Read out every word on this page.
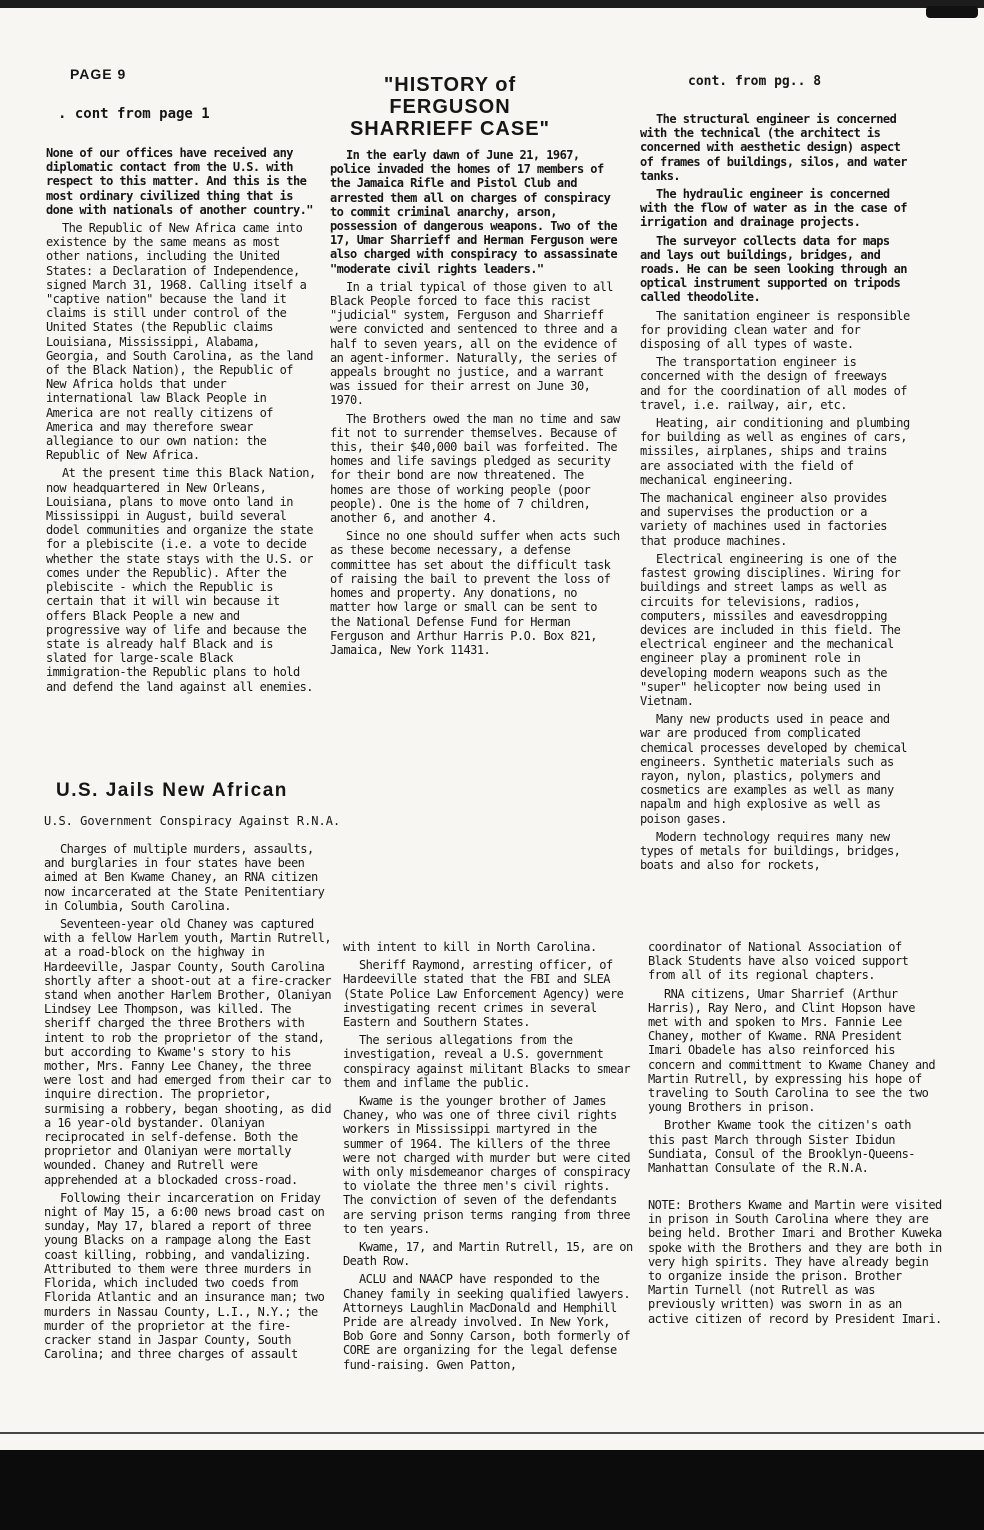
PAGE 9	"HISTORY of FERGUSON SHARRIEFF CASE"
cont. from pg.. 8
. cont from page 1

None of our offices have received any diplomatic contact from the U.S. with respect to this matter. And this is the most ordinary civilized thing that is done with nationals of another country."

The Republic of New Africa came into existence by the same means as most other nations, including the United States: a Declaration of Independence, signed March 31, 1968. Calling itself a "captive nation" because the land it claims is still under control of the United States (the Republic claims Louisiana, Mississippi, Alabama, Georgia, and South Carolina, as the land of the Black Nation), the Republic of New Africa holds that under international law Black People in America are not really citizens of America and may therefore swear allegiance to our own nation: the Republic of New Africa.

At the present time this Black Nation, now headquartered in New Orleans, Louisiana, plans to move onto land in Mississippi in August, build several dodel communities and organize the state for a plebiscite (i.e. a vote to decide whether the state stays with the U.S. or comes under the Republic). After the plebiscite - which the Republic is certain that it will win because it offers Black People a new and progressive way of life and because the state is already half Black and is slated for large-scale Black immigration-the Republic plans to hold and defend the land against all enemies.

In the early dawn of June 21, 1967, police invaded the homes of 17 members of the Jamaica Rifle and Pistol Club and arrested them all on charges of conspiracy to commit criminal anarchy, arson, possession of dangerous weapons. Two of the 17, Umar Sharrieff and Herman Ferguson were also charged with conspiracy to assassinate "moderate civil rights leaders."

In a trial typical of those given to all Black People forced to face this racist "judicial" system, Ferguson and Sharrieff were convicted and sentenced to three and a half to seven years, all on the evidence of an agent-informer. Naturally, the series of appeals brought no justice, and a warrant was issued for their arrest on June 30, 1970.

The Brothers owed the man no time and saw fit not to surrender themselves. Because of this, their $40,000 bail was forfeited. The homes and life savings pledged as security for their bond are now threatened. The homes are those of working people (poor people). One is the home of 7 children, another 6, and another 4.

Since no one should suffer when acts such as these become necessary, a defense committee has set about the difficult task of raising the bail to prevent the loss of homes and property. Any donations, no matter how large or small can be sent to the National Defense Fund for Herman Ferguson and Arthur Harris P.O. Box 821, Jamaica, New York 11431.

The structural engineer is concerned with the technical (the architect is concerned with aesthetic design) aspect of frames of buildings, silos, and water tanks.

The hydraulic engineer is concerned with the flow of water as in the case of irrigation and drainage projects.

The surveyor collects data for maps and lays out buildings, bridges, and roads. He can be seen looking through an optical instrument supported on tripods called theodolite.

The sanitation engineer is responsible for providing clean water and for disposing of all types of waste.

The transportation engineer is concerned with the design of freeways and for the coordination of all modes of travel, i.e. railway, air, etc.

Heating, air conditioning and plumbing for building as well as engines of cars, missiles, airplanes, ships and trains are associated with the field of mechanical engineering.

The machanical engineer also provides and supervises the production or a variety of machines used in factories that produce machines.

Electrical engineering is one of the fastest growing disciplines. Wiring for buildings and street lamps as well as circuits for televisions, radios, computers, missiles and eavesdropping devices are included in this field. The electrical engineer and the mechanical engineer play a prominent role in developing modern weapons such as the "super" helicopter now being used in Vietnam.

Many new products used in peace and war are produced from complicated chemical processes developed by chemical engineers. Synthetic materials such as rayon, nylon, plastics, polymers and cosmetics are examples as well as many napalm and high explosive as well as poison gases.

Modern technology requires many new types of metals for buildings, bridges, boats and also for rockets,

U.S. Jails New African
U.S. Government Conspiracy Against R.N.A.

Charges of multiple murders, assaults, and burglaries in four states have been aimed at Ben Kwame Chaney, an RNA citizen now incarcerated at the State Penitentiary in Columbia, South Carolina.

Seventeen-year old Chaney was captured with a fellow Harlem youth, Martin Rutrell, at a road-block on the highway in Hardeeville, Jaspar County, South Carolina shortly after a shoot-out at a fire-cracker stand when another Harlem Brother, Olaniyan Lindsey Lee Thompson, was killed. The sheriff charged the three Brothers with intent to rob the proprietor of the stand, but according to Kwame's story to his mother, Mrs. Fanny Lee Chaney, the three were lost and had emerged from their car to inquire direction. The proprietor, surmising a robbery, began shooting, as did a 16 year-old bystander. Olaniyan reciprocated in self-defense. Both the proprietor and Olaniyan were mortally wounded. Chaney and Rutrell were apprehended at a blockaded cross-road.

Following their incarceration on Friday night of May 15, a 6:00 news broad cast on sunday, May 17, blared a report of three young Blacks on a rampage along the East coast killing, robbing, and vandalizing. Attributed to them were three murders in Florida, which included two coeds from Florida Atlantic and an insurance man; two murders in Nassau County, L.I., N.Y.; the murder of the proprietor at the fire-cracker stand in Jaspar County, South Carolina; and three charges of assault

with intent to kill in North Carolina.

Sheriff Raymond, arresting officer, of Hardeeville stated that the FBI and SLEA (State Police Law Enforcement Agency) were investigating recent crimes in several Eastern and Southern States.

The serious allegations from the investigation, reveal a U.S. government conspiracy against militant Blacks to smear them and inflame the public.

Kwame is the younger brother of James Chaney, who was one of three civil rights workers in Mississippi martyred in the summer of 1964. The killers of the three were not charged with murder but were cited with only misdemeanor charges of conspiracy to violate the three men's civil rights. The conviction of seven of the defendants are serving prison terms ranging from three to ten years.

Kwame, 17, and Martin Rutrell, 15, are on Death Row.

ACLU and NAACP have responded to the Chaney family in seeking qualified lawyers. Attorneys Laughlin MacDonald and Hemphill Pride are already involved. In New York, Bob Gore and Sonny Carson, both formerly of CORE are organizing for the legal defense fund-raising. Gwen Patton,

coordinator of National Association of Black Students have also voiced support from all of its regional chapters.

RNA citizens, Umar Sharrief (Arthur Harris), Ray Nero, and Clint Hopson have met with and spoken to Mrs. Fannie Lee Chaney, mother of Kwame. RNA President Imari Obadele has also reinforced his concern and committment to Kwame Chaney and Martin Rutrell, by expressing his hope of traveling to South Carolina to see the two young Brothers in prison.

Brother Kwame took the citizen's oath this past March through Sister Ibidun Sundiata, Consul of the Brooklyn-Queens-Manhattan Consulate of the R.N.A.

NOTE: Brothers Kwame and Martin were visited in prison in South Carolina where they are being held. Brother Imari and Brother Kuweka spoke with the Brothers and they are both in very high spirits. They have already begin to organize inside the prison. Brother Martin Turnell (not Rutrell as was previously written) was sworn in as an active citizen of record by President Imari.
